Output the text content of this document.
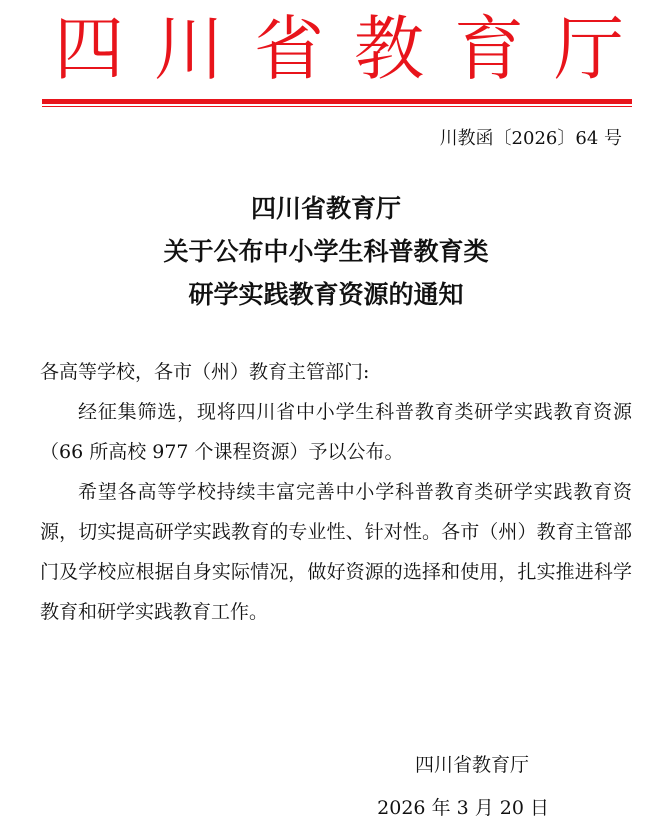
四 川 省 教 育 厅
川教函〔2026〕64 号
四川省教育厅
关于公布中小学生科普教育类
研学实践教育资源的通知

各高等学校，各市（州）教育主管部门:

经征集筛选，现将四川省中小学生科普教育类研学实践教育资源（66 所高校 977 个课程资源）予以公布。

希望各高等学校持续丰富完善中小学科普教育类研学实践教育资源，切实提高研学实践教育的专业性、针对性。各市（州）教育主管部门及学校应根据自身实际情况，做好资源的选择和使用，扎实推进科学教育和研学实践教育工作。

四川省教育厅
2026 年 3 月 20 日
